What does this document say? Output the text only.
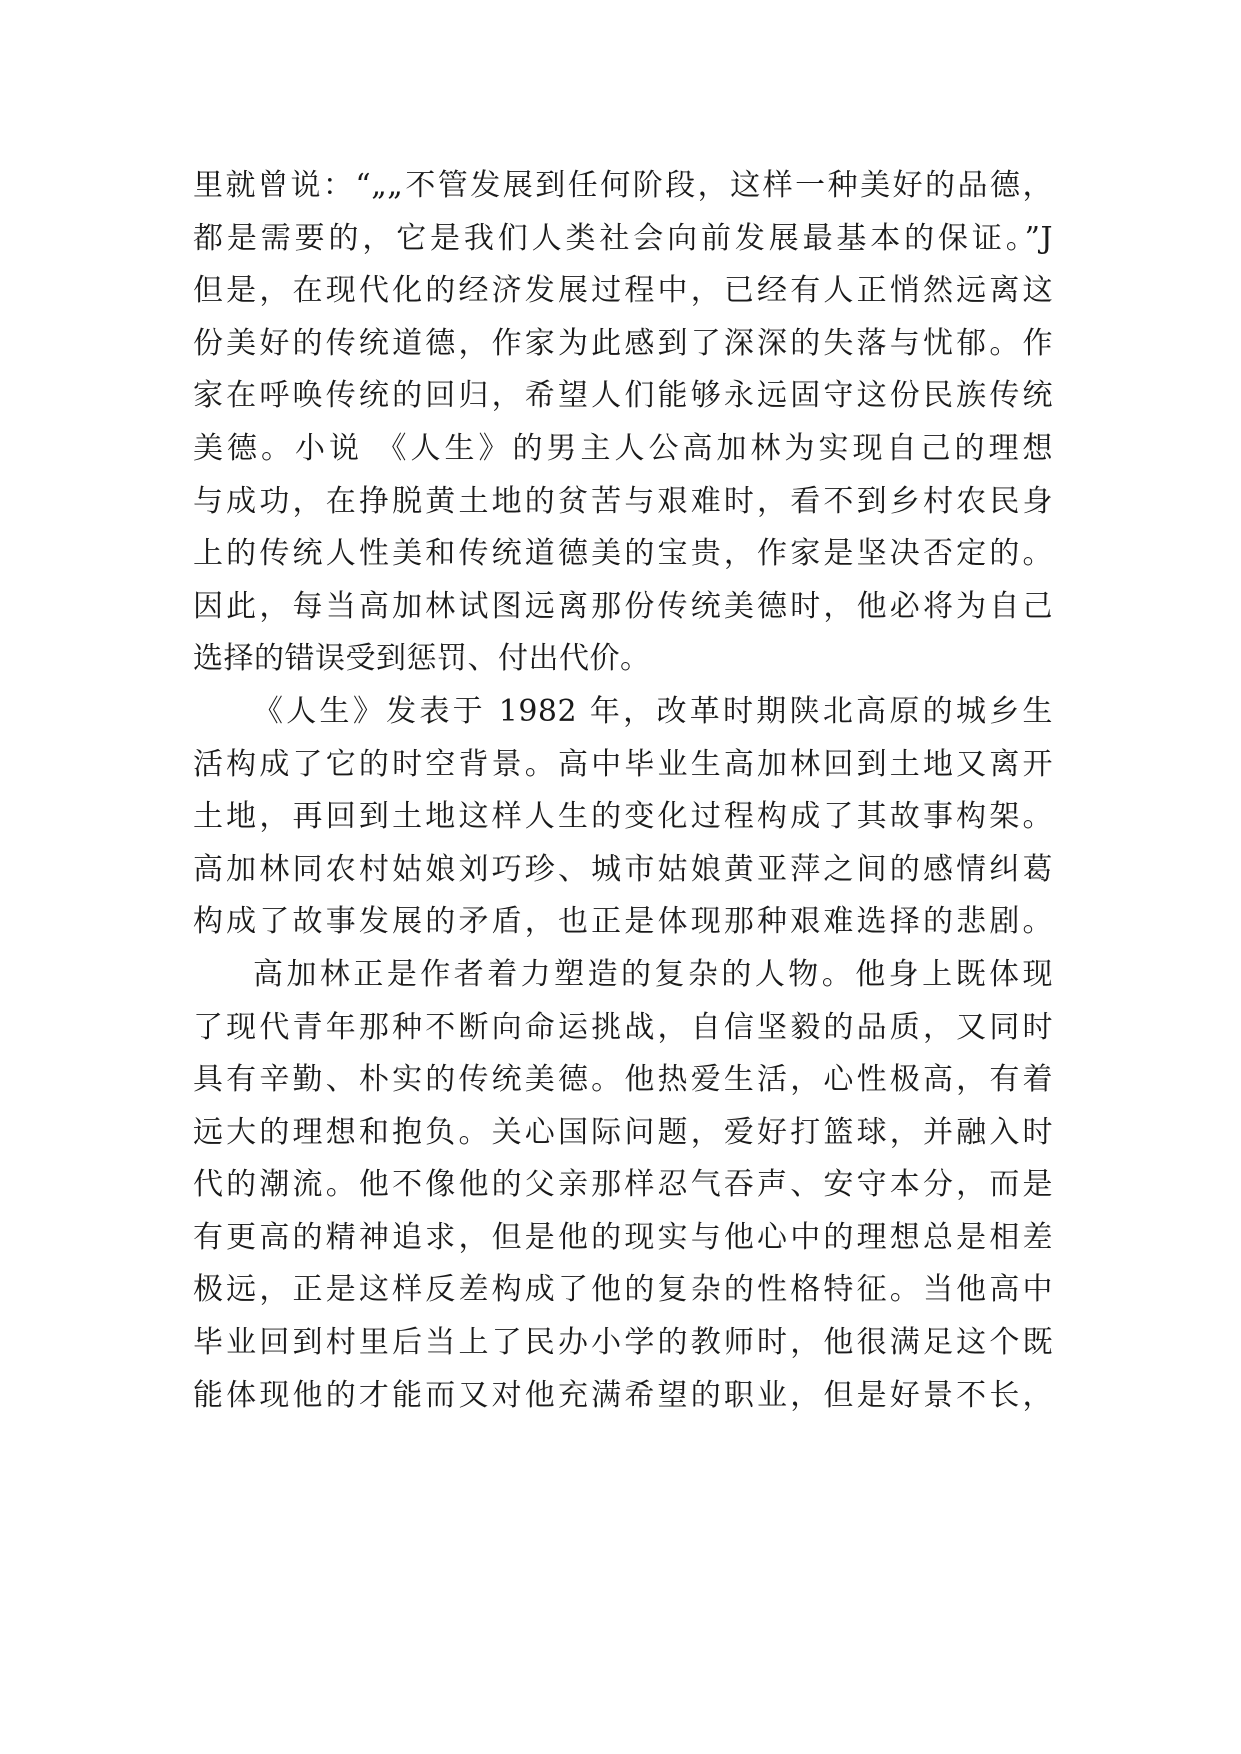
里就曾说：“„„不管发展到任何阶段，这样一种美好的品德，
都是需要的，它是我们人类社会向前发展最基本的保证。”J
但是，在现代化的经济发展过程中，已经有人正悄然远离这
份美好的传统道德，作家为此感到了深深的失落与忧郁。作
家在呼唤传统的回归，希望人们能够永远固守这份民族传统
美德。小说 《人生》的男主人公高加林为实现自己的理想
与成功，在挣脱黄土地的贫苦与艰难时，看不到乡村农民身
上的传统人性美和传统道德美的宝贵，作家是坚决否定的。
因此，每当高加林试图远离那份传统美德时，他必将为自己
选择的错误受到惩罚、付出代价。
《人生》发表于 1982 年，改革时期陕北高原的城乡生
活构成了它的时空背景。高中毕业生高加林回到土地又离开
土地，再回到土地这样人生的变化过程构成了其故事构架。
高加林同农村姑娘刘巧珍、城市姑娘黄亚萍之间的感情纠葛
构成了故事发展的矛盾，也正是体现那种艰难选择的悲剧。
高加林正是作者着力塑造的复杂的人物。他身上既体现
了现代青年那种不断向命运挑战，自信坚毅的品质，又同时
具有辛勤、朴实的传统美德。他热爱生活，心性极高，有着
远大的理想和抱负。关心国际问题，爱好打篮球，并融入时
代的潮流。他不像他的父亲那样忍气吞声、安守本分，而是
有更高的精神追求，但是他的现实与他心中的理想总是相差
极远，正是这样反差构成了他的复杂的性格特征。当他高中
毕业回到村里后当上了民办小学的教师时，他很满足这个既
能体现他的才能而又对他充满希望的职业，但是好景不长，
